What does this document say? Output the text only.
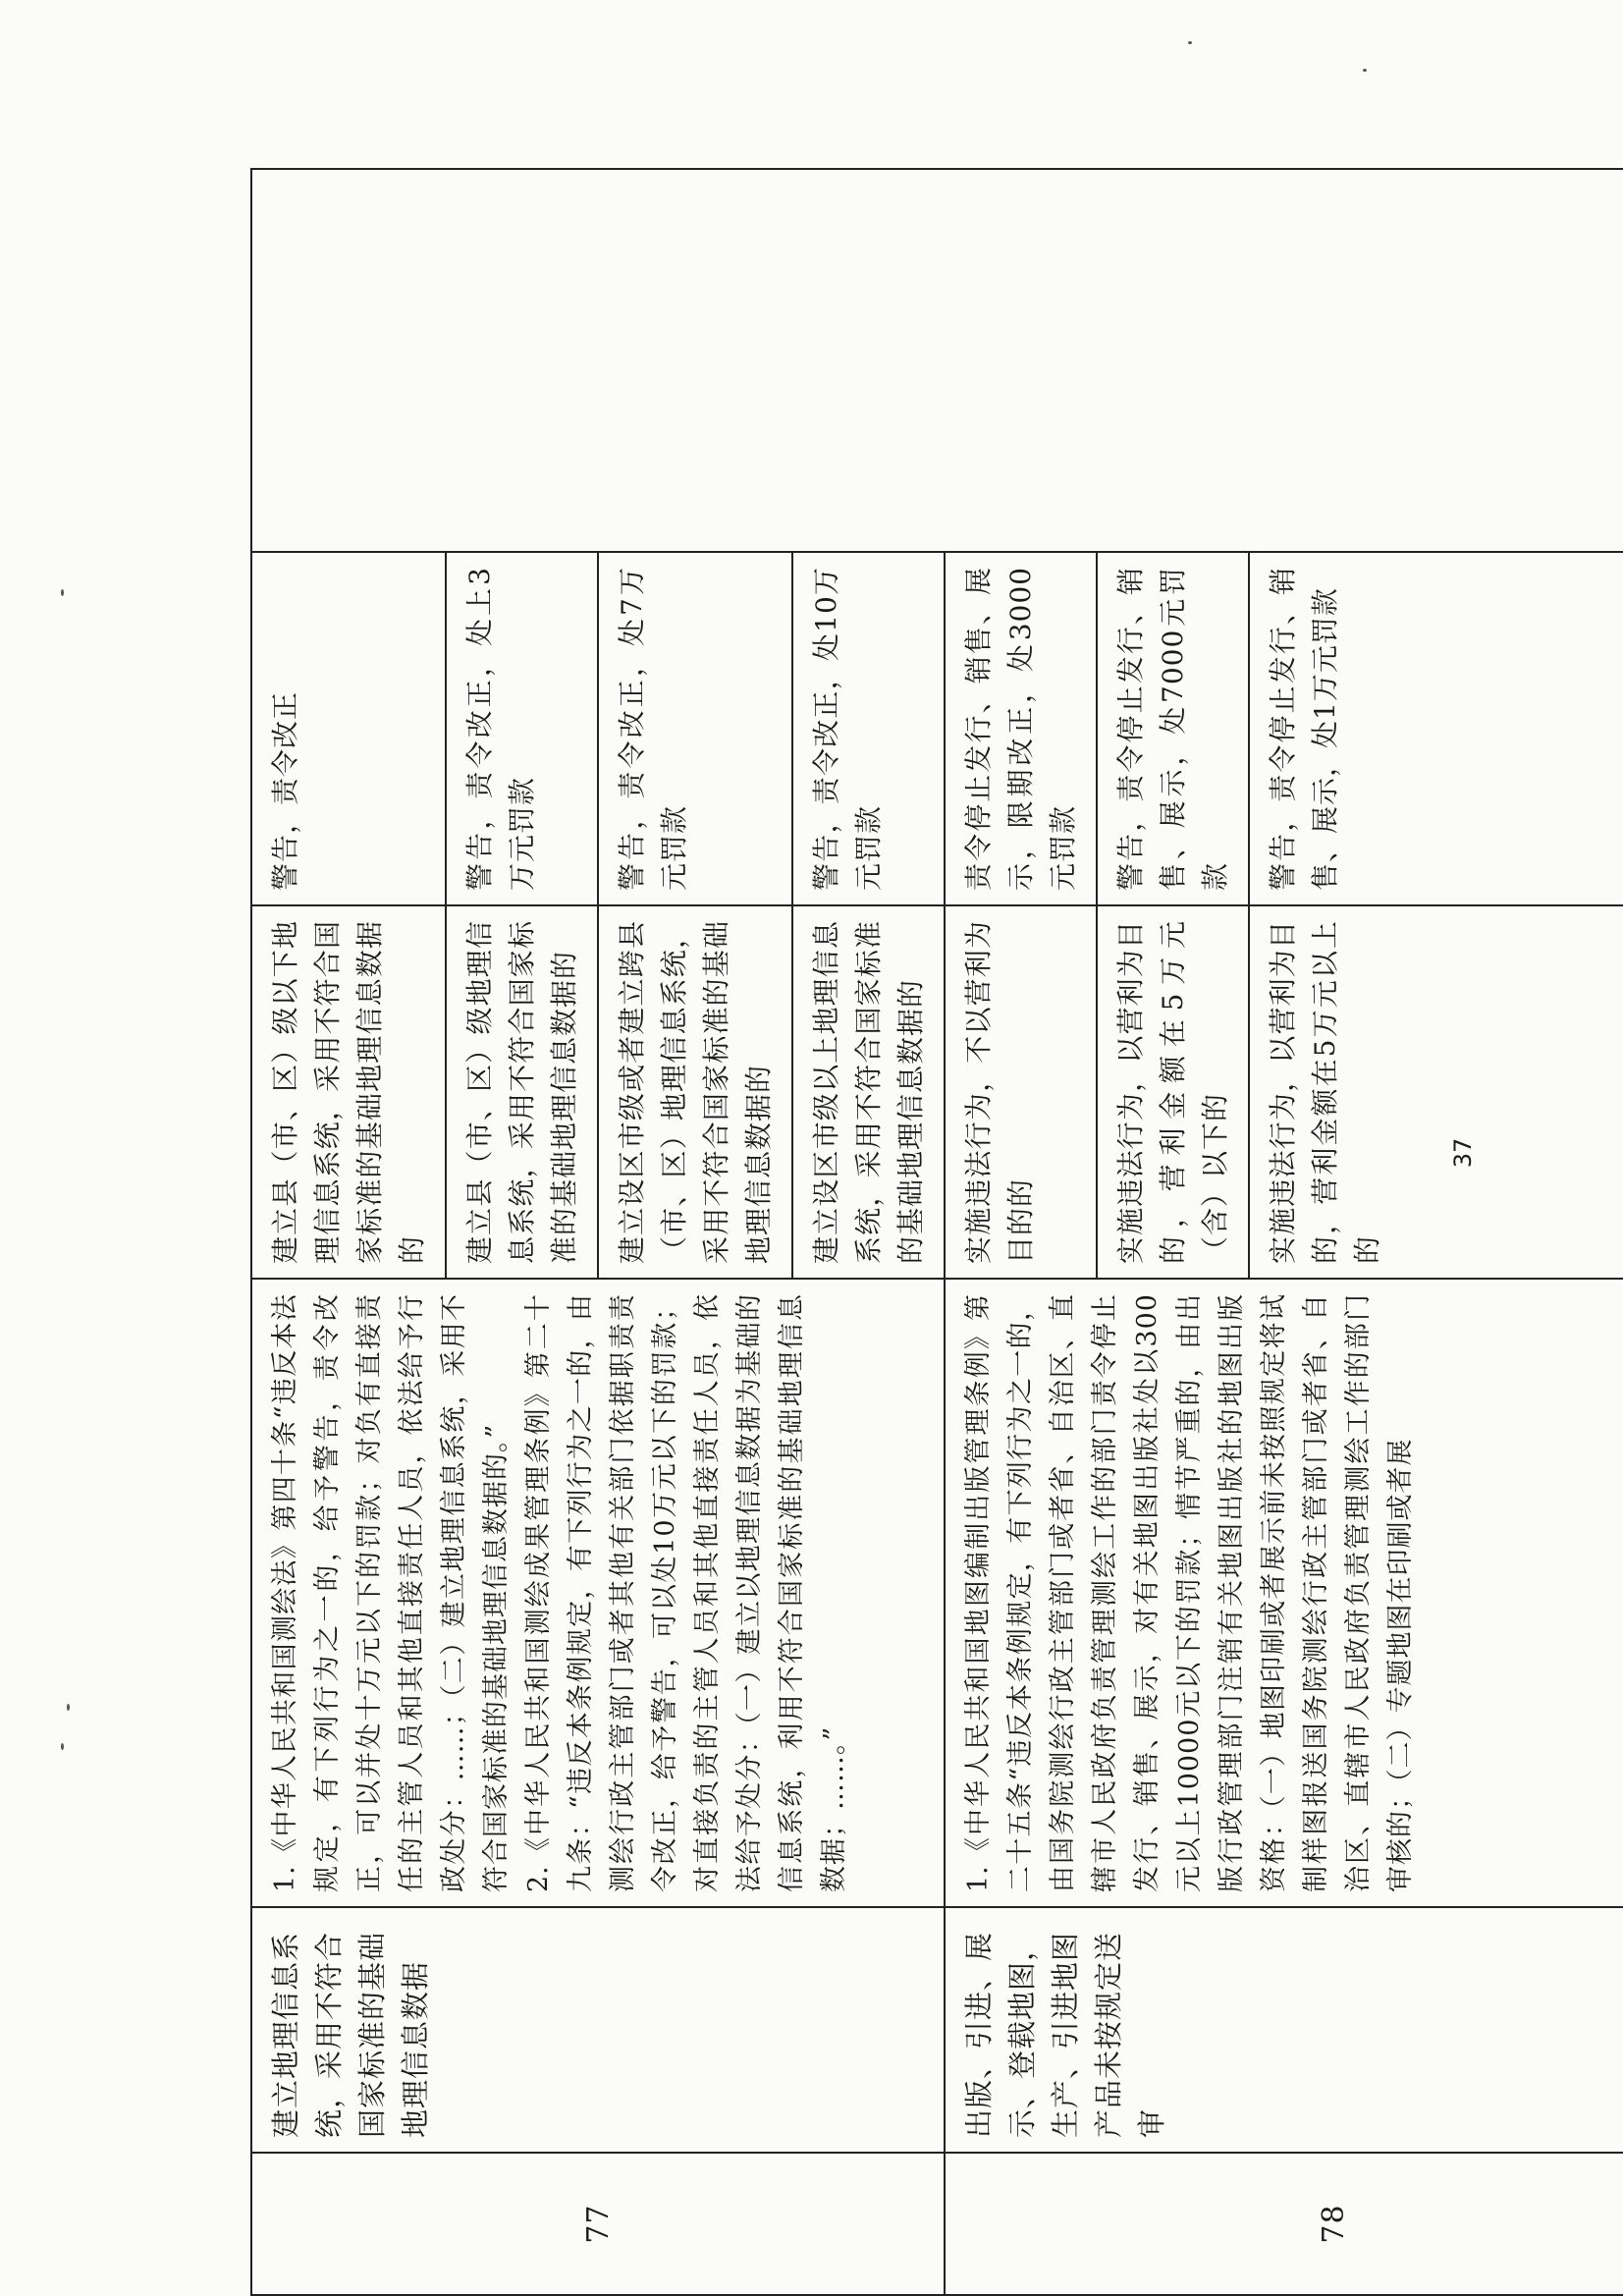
77	建立地理信息系统，采用不符合国家标准的基础地理信息数据	1.《中华人民共和国测绘法》第四十条“违反本法规定，有下列行为之一的，给予警告，责令改正，可以并处十万元以下的罚款；对负有直接责任的主管人员和其他直接责任人员，依法给予行政处分：……；（二）建立地理信息系统，采用不符合国家标准的基础地理信息数据的。” 2.《中华人民共和国测绘成果管理条例》第二十九条：“违反本条例规定，有下列行为之一的，由测绘行政主管部门或者其他有关部门依据职责责令改正，给予警告，可以处10万元以下的罚款；对直接负责的主管人员和其他直接责任人员，依法给予处分：（一）建立以地理信息数据为基础的信息系统，利用不符合国家标准的基础地理信息数据；……。”	建立县（市、区）级以下地理信息系统，采用不符合国家标准的基础地理信息数据的	警告，责令改正	
			建立县（市、区）级地理信息系统，采用不符合国家标准的基础地理信息数据的	警告，责令改正，处上3万元罚款	
			建立设区市级或者建立跨县（市、区）地理信息系统，采用不符合国家标准的基础地理信息数据的	警告，责令改正，处7万元罚款	
			建立设区市级以上地理信息系统，采用不符合国家标准的基础地理信息数据的	警告，责令改正，处10万元罚款	
78	出版、引进、展示、登载地图，生产、引进地图产品未按规定送审	1.《中华人民共和国地图编制出版管理条例》第二十五条“违反本条例规定，有下列行为之一的，由国务院测绘行政主管部门或者省、自治区、直辖市人民政府负责管理测绘工作的部门责令停止发行、销售、展示，对有关地图出版社处以300元以上10000元以下的罚款；情节严重的，由出版行政管理部门注销有关地图出版社的地图出版资格：（一）地图印刷或者展示前未按照规定将试制样图报送国务院测绘行政主管部门或者省、自治区、直辖市人民政府负责管理测绘工作的部门审核的；（二）专题地图在印刷或者展	实施违法行为，不以营利为目的的	责令停止发行、销售、展示，限期改正，处3000元罚款	
			实施违法行为，以营利为目的，营利金额在5万元（含）以下的	警告，责令停止发行、销售、展示，处7000元罚款	
			实施违法行为，以营利为目的，营利金额在5万元以上的	警告，责令停止发行、销售、展示，处1万元罚款	
37
